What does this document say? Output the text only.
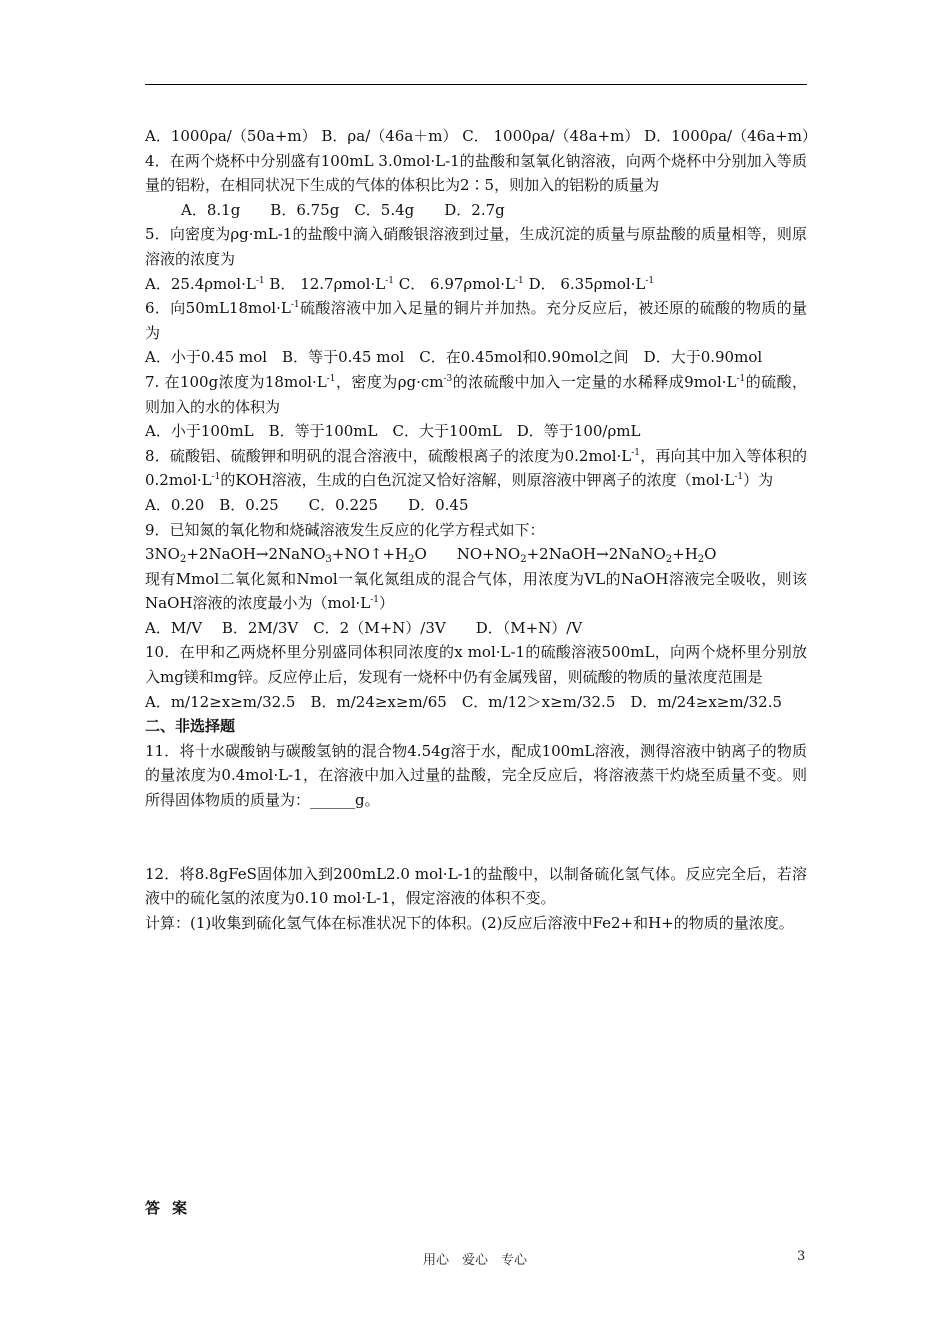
A．1000ρa/（50a+m） B．ρa/（46a＋m） C． 1000ρa/（48a+m） D．1000ρa/（46a+m）
4．在两个烧杯中分别盛有100mL 3.0mol·L-1的盐酸和氢氧化钠溶液，向两个烧杯中分别加入等质量的铝粉，在相同状况下生成的气体的体积比为2∶5，则加入的铝粉的质量为
A．8.1g　　B．6.75g　C．5.4g　　D．2.7g
5．向密度为ρg·mL-1的盐酸中滴入硝酸银溶液到过量，生成沉淀的质量与原盐酸的质量相等，则原溶液的浓度为
A．$25.4\rho mol\cdot L^{-1}$ B． $12.7\rho mol\cdot L^{-1}$ C． $6.97\rho mol\cdot L^{-1}$ D． $6.35\rho mol\cdot L^{-1}$
6．向$50mL18mol\cdot L^{-1}$硫酸溶液中加入足量的铜片并加热。充分反应后，被还原的硫酸的物质的量为
A．小于0.45 mol　B．等于0.45 mol　C．在0.45mol和0.90mol之间　D．大于0.90mol
7. 在100g浓度为$18mol\cdot L^{-1}$，密度为$\rho g\cdot cm^{-3}$的浓硫酸中加入一定量的水稀释成$9mol\cdot L^{-1}$的硫酸，则加入的水的体积为
A．小于100mL　B．等于100mL　C．大于100mL　D．等于100/ρmL
8．硫酸铝、硫酸钾和明矾的混合溶液中，硫酸根离子的浓度为$0.2mol\cdot L^{-1}$，再向其中加入等体积的$0.2mol\cdot L^{-1}$的KOH溶液，生成的白色沉淀又恰好溶解，则原溶液中钾离子的浓度$(mol\cdot L^{-1})$为
A．0.20　B．0.25　　C．0.225　　D．0.45
9．已知氮的氧化物和烧碱溶液发生反应的化学方程式如下：
$3NO_2+2NaOH\to 2NaNO_3+NO↑+H_2O$　　$NO+NO_2+2NaOH\to 2NaNO_2+H_2O$
现有Mmol二氧化氮和Nmol一氧化氮组成的混合气体，用浓度为VL的NaOH溶液完全吸收，则该NaOH溶液的浓度最小为$(mol\cdot L^{-1})$
A．M/V　 B．2M/3V　C．2（M+N）/3V　　D．（M+N）/V
10．在甲和乙两烧杯里分别盛同体积同浓度的x mol·L-1的硫酸溶液500mL，向两个烧杯里分别放入mg镁和mg锌。反应停止后，发现有一烧杯中仍有金属残留，则硫酸的物质的量浓度范围是
A．m/12≥x≥m/32.5　B．m/24≥x≥m/65　C．m/12＞x≥m/32.5　D．m/24≥x≥m/32.5
二、非选择题
11．将十水碳酸钠与碳酸氢钠的混合物4.54g溶于水，配成100mL溶液，测得溶液中钠离子的物质的量浓度为0.4mol·L-1，在溶液中加入过量的盐酸，完全反应后，将溶液蒸干灼烧至质量不变。则所得固体物质的质量为：______g。
12．将8.8gFeS固体加入到200mL2.0 mol·L-1的盐酸中，以制备硫化氢气体。反应完全后，若溶液中的硫化氢的浓度为0.10 mol·L-1，假定溶液的体积不变。
计算：(1)收集到硫化氢气体在标准状况下的体积。(2)反应后溶液中Fe2+和H+的物质的量浓度。
答案
用心　爱心　专心	3
